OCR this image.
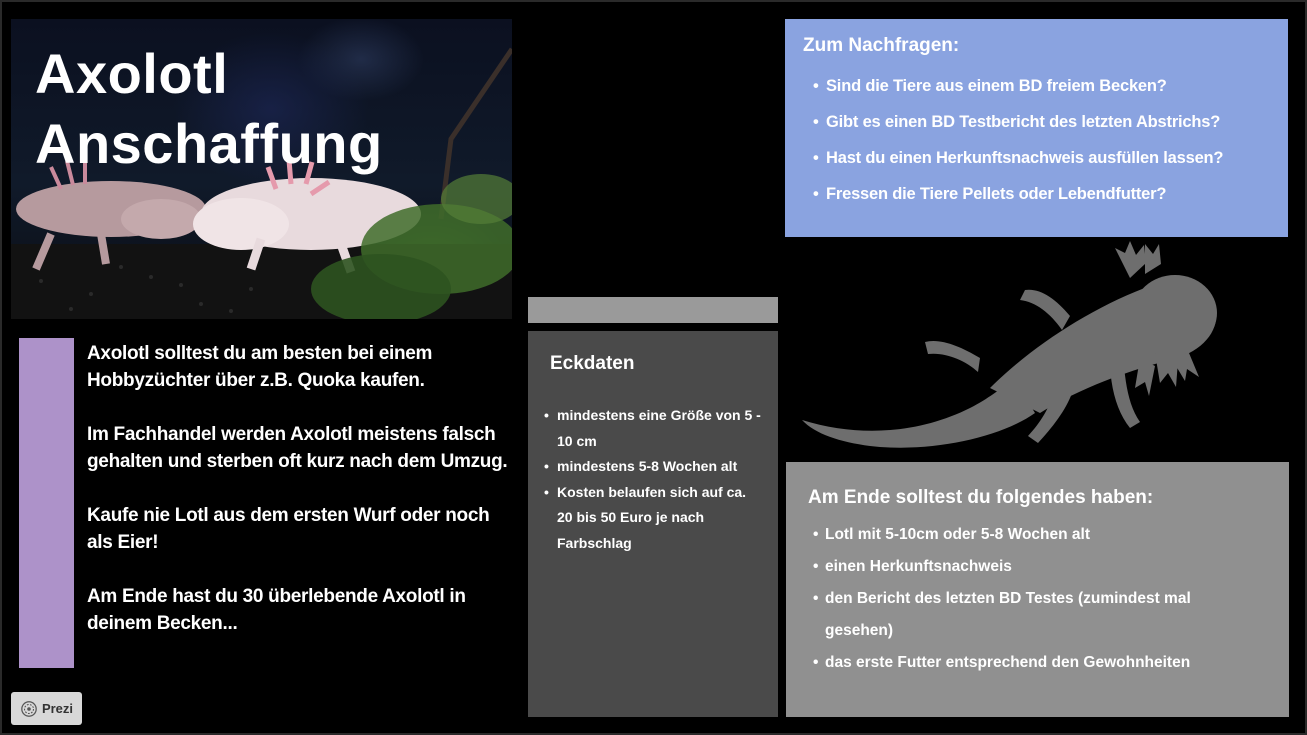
Axolotl
Anschaffung

Axolotl solltest du am besten bei einem Hobbyzüchter über z.B. Quoka kaufen.

Im Fachhandel werden Axolotl meistens falsch gehalten und sterben oft kurz nach dem Umzug.

Kaufe nie Lotl aus dem ersten Wurf oder noch als Eier!

Am Ende hast du 30 überlebende Axolotl in deinem Becken...

Eckdaten
• mindestens eine Größe von 5 - 10 cm
• mindestens 5-8 Wochen alt
• Kosten belaufen sich auf ca. 20 bis 50 Euro je nach Farbschlag
Zum Nachfragen:
• Sind die Tiere aus einem BD freiem Becken?
• Gibt es einen BD Testbericht des letzten Abstrichs?
• Hast du einen Herkunftsnachweis ausfüllen lassen?
• Fressen die Tiere Pellets oder Lebendfutter?
Am Ende solltest du folgendes haben:
• Lotl mit 5-10cm oder 5-8 Wochen alt
• einen Herkunftsnachweis
• den Bericht des letzten BD Testes (zumindest mal gesehen)
• das erste Futter entsprechend den Gewohnheiten
Prezi
